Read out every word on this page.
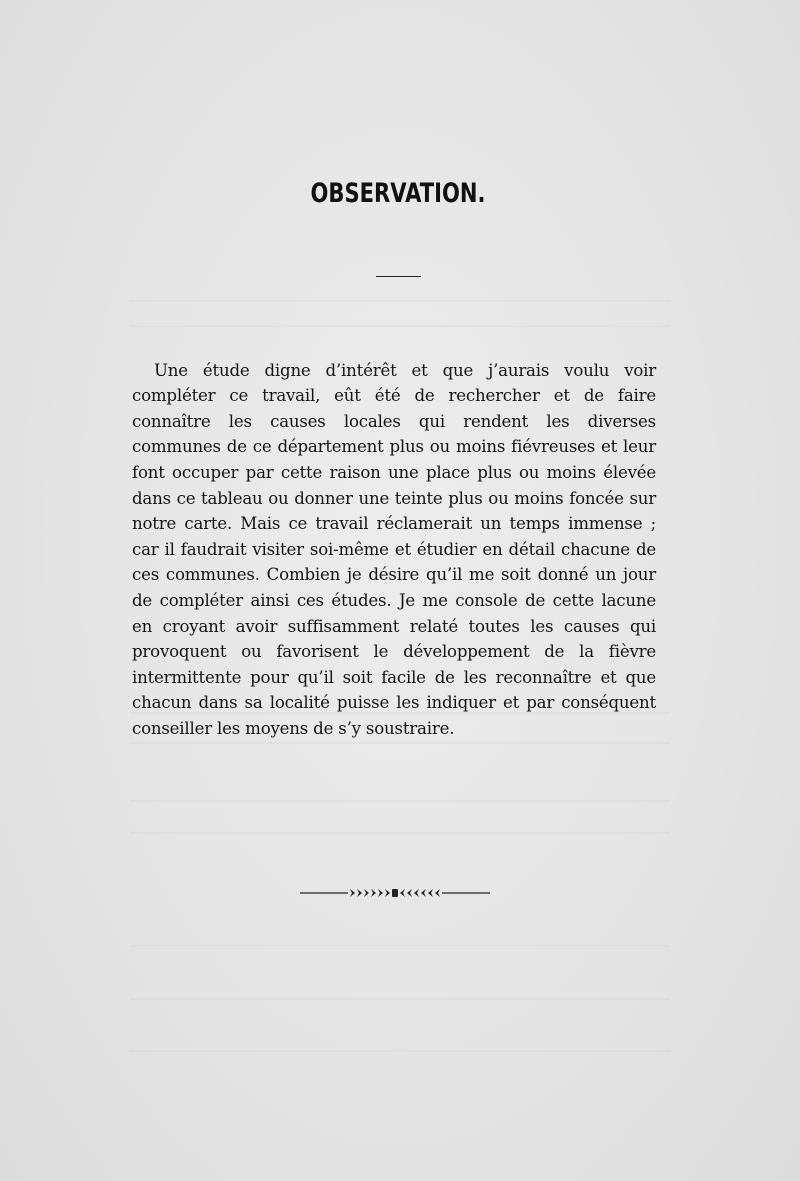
OBSERVATION.

Une étude digne d’intérêt et que j’aurais voulu voir compléter ce travail, eût été de rechercher et de faire connaître les causes locales qui rendent les diverses communes de ce département plus ou moins fiévreuses et leur font occuper par cette raison une place plus ou moins élevée dans ce tableau ou donner une teinte plus ou moins foncée sur notre carte. Mais ce travail réclamerait un temps immense ; car il faudrait visiter soi-même et étudier en détail chacune de ces communes. Combien je désire qu’il me soit donné un jour de compléter ainsi ces études. Je me console de cette lacune en croyant avoir suffisamment relaté toutes les causes qui provoquent ou favorisent le développement de la fièvre intermittente pour qu’il soit facile de les reconnaître et que chacun dans sa localité puisse les indiquer et par conséquent conseiller les moyens de s’y soustraire.
